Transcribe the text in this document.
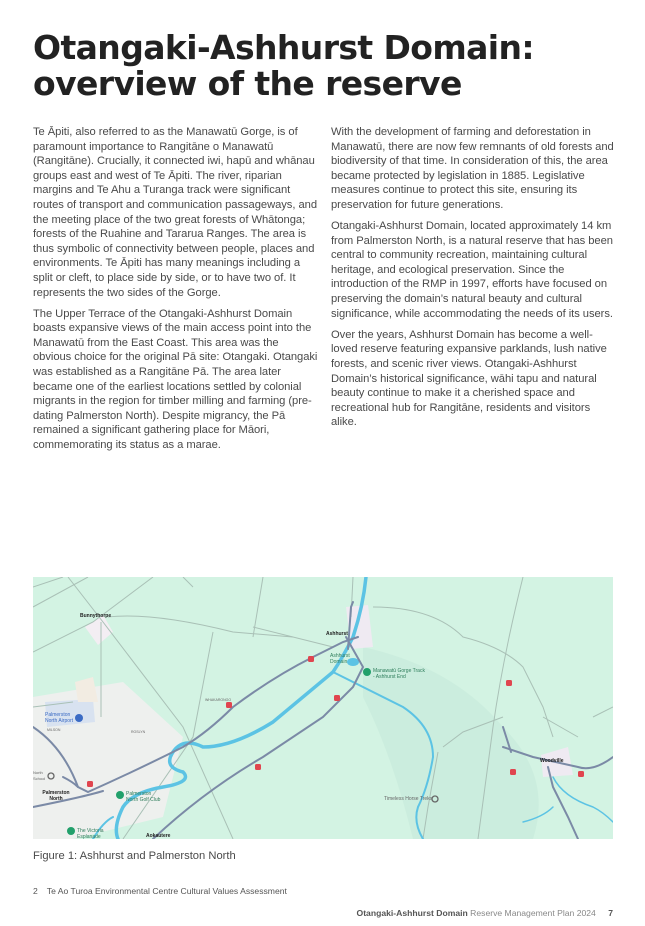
Otangaki-Ashhurst Domain: overview of the reserve

Te Āpiti, also referred to as the Manawatū Gorge, is of paramount importance to Rangitāne o Manawatū (Rangitāne). Crucially, it connected iwi, hapū and whānau groups east and west of Te Āpiti. The river, riparian margins and Te Ahu a Turanga track were significant routes of transport and communication passageways, and the meeting place of the two great forests of Whātonga; forests of the Ruahine and Tararua Ranges. The area is thus symbolic of connectivity between people, places and environments. Te Āpiti has many meanings including a split or cleft, to place side by side, or to have two of. It represents the two sides of the Gorge.

The Upper Terrace of the Otangaki-Ashhurst Domain boasts expansive views of the main access point into the Manawatū from the East Coast. This area was the obvious choice for the original Pā site: Otangaki. Otangaki was established as a Rangitāne Pā. The area later became one of the earliest locations settled by colonial migrants in the region for timber milling and farming (pre-dating Palmerston North). Despite migrancy, the Pā remained a significant gathering place for Māori, commemorating its status as a marae.

With the development of farming and deforestation in Manawatū, there are now few remnants of old forests and biodiversity of that time. In consideration of this, the area became protected by legislation in 1885. Legislative measures continue to protect this site, ensuring its preservation for future generations.

Otangaki-Ashhurst Domain, located approximately 14 km from Palmerston North, is a natural reserve that has been central to community recreation, maintaining cultural heritage, and ecological preservation. Since the introduction of the RMP in 1997, efforts have focused on preserving the domain’s natural beauty and cultural significance, while accommodating the needs of its users.

Over the years, Ashhurst Domain has become a well-loved reserve featuring expansive parklands, lush native forests, and scenic river views. Otangaki-Ashhurst Domain’s historical significance, wāhi tapu and natural beauty continue to make it a cherished space and recreational hub for Rangitāne, residents and visitors alike.

Bunnythorpe
Ashhurst
Ashhurst Domain
Manawatū Gorge Track - Ashhurst End
Palmerston North Airport
MILSON	ROSLYN
WHAKARONGO
North School
Palmerston North
Palmerston North Golf Club
The Victoria Esplanade	Aokautere
Woodville
Timeless Horse Treks
Figure 1: Ashhurst and Palmerston North
2 Te Ao Turoa Environmental Centre Cultural Values Assessment
Otangaki-Ashhurst Domain Reserve Management Plan 2024 7
